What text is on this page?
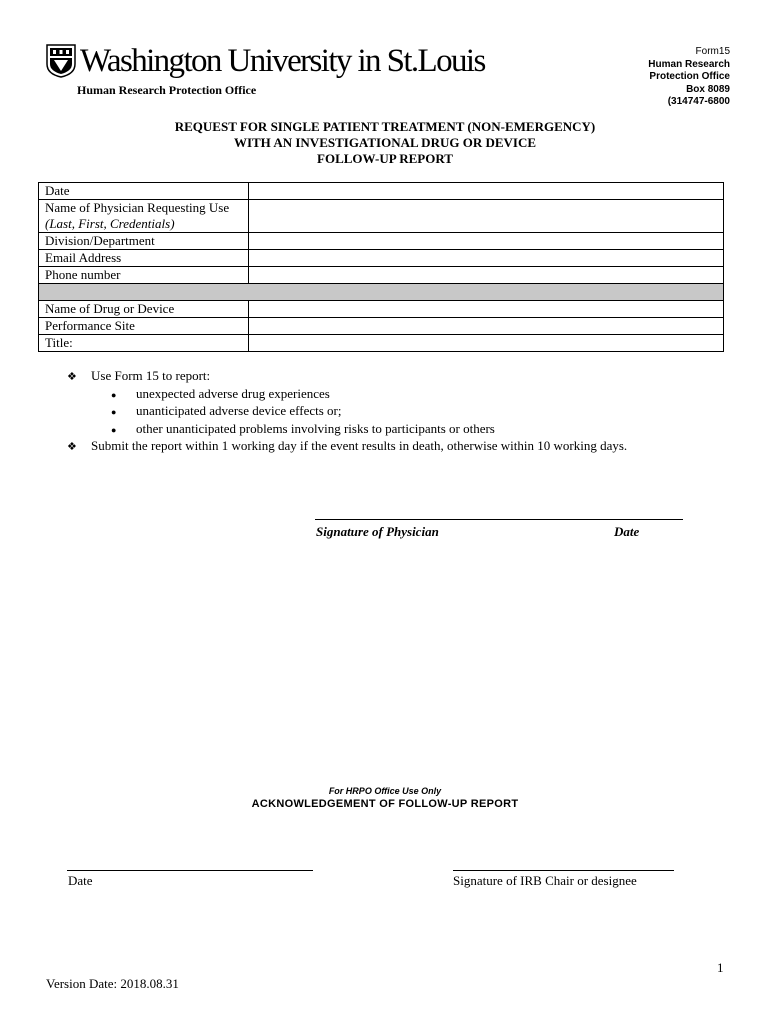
Washington University in St.Louis
Human Research Protection Office
Form15
Human Research
Protection Office
Box 8089
(314747-6800
REQUEST FOR SINGLE PATIENT TREATMENT (NON-EMERGENCY)
WITH AN INVESTIGATIONAL DRUG OR DEVICE
FOLLOW-UP REPORT
Date	

Name of Physician Requesting Use
(Last, First, Credentials)	

Division/Department	
Email Address	
Phone number	

Name of Drug or Device	
Performance Site	
Title:	
❖	Use Form 15 to report:
●	unexpected adverse drug experiences
●	unanticipated adverse device effects or;
●	other unanticipated problems involving risks to participants or others
❖	Submit the report within 1 working day if the event results in death, otherwise within 10 working days.
Signature of Physician	Date
For HRPO Office Use Only
ACKNOWLEDGEMENT OF FOLLOW-UP REPORT
Date	Signature of IRB Chair or designee
1
Version Date: 2018.08.31
